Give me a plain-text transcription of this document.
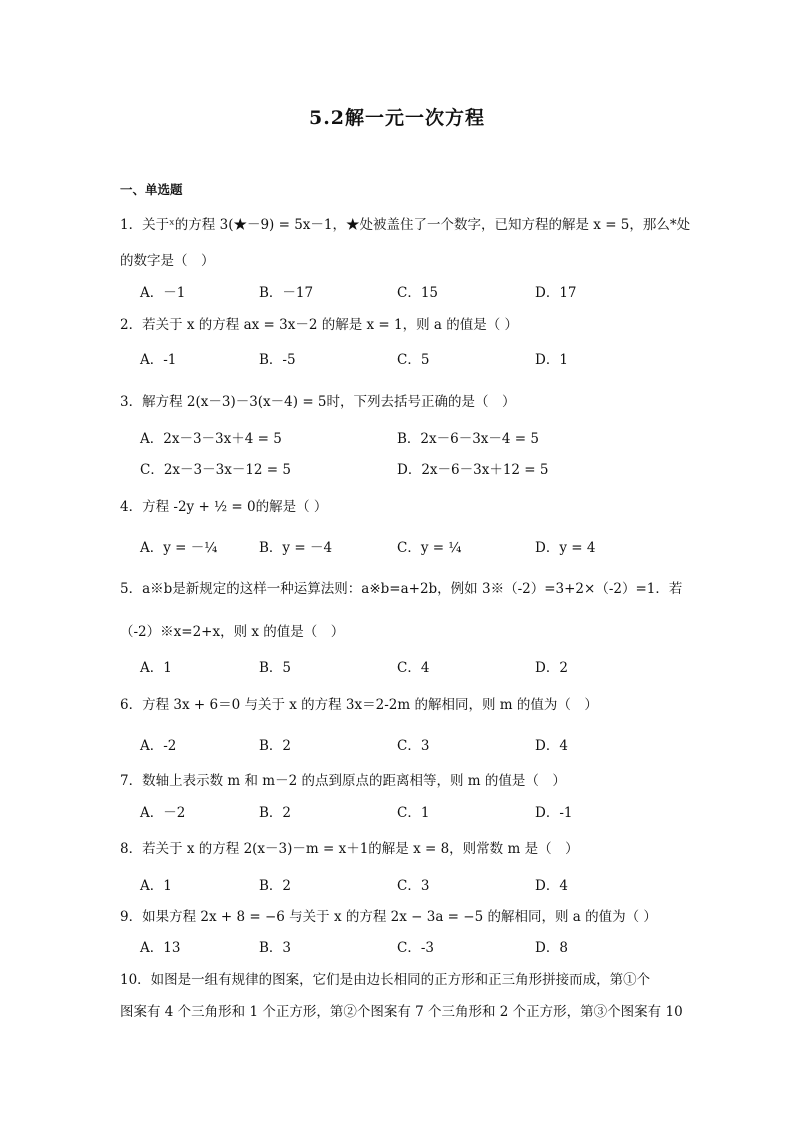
5.2解一元一次方程
一、单选题
1．关于ˣ的方程 3(★－9) = 5x－1，★处被盖住了一个数字，已知方程的解是 x = 5，那么*处
的数字是（　）
A．－1	B．－17	C．15	D．17
2．若关于 x 的方程 ax = 3x－2 的解是 x = 1，则 a 的值是（ ）
A．-1	B．-5	C．5	D．1
3．解方程 2(x－3)－3(x－4) = 5时，下列去括号正确的是（　）
A．2x－3－3x＋4 = 5	B．2x－6－3x－4 = 5
C．2x－3－3x－12 = 5	D．2x－6－3x＋12 = 5
4．方程 -2y + ½ = 0的解是（ ）
A．y = －¼	B．y = －4	C．y = ¼	D．y = 4
5．a※b是新规定的这样一种运算法则：a※b=a+2b，例如 3※（-2）=3+2×（-2）=1．若
（-2）※x=2+x，则 x 的值是（　）
A．1	B．5	C．4	D．2
6．方程 3x + 6＝0 与关于 x 的方程 3x＝2-2m 的解相同，则 m 的值为（　）
A．-2	B．2	C．3	D．4
7．数轴上表示数 m 和 m－2 的点到原点的距离相等，则 m 的值是（　）
A．－2	B．2	C．1	D．-1
8．若关于 x 的方程 2(x－3)－m = x＋1的解是 x = 8，则常数 m 是（　）
A．1	B．2	C．3	D．4
9．如果方程 2x + 8 = −6 与关于 x 的方程 2x − 3a = −5 的解相同，则 a 的值为（ ）
A．13	B．3	C．-3	D．8
10．如图是一组有规律的图案，它们是由边长相同的正方形和正三角形拼接而成，第①个
图案有 4 个三角形和 1 个正方形，第②个图案有 7 个三角形和 2 个正方形，第③个图案有 10
